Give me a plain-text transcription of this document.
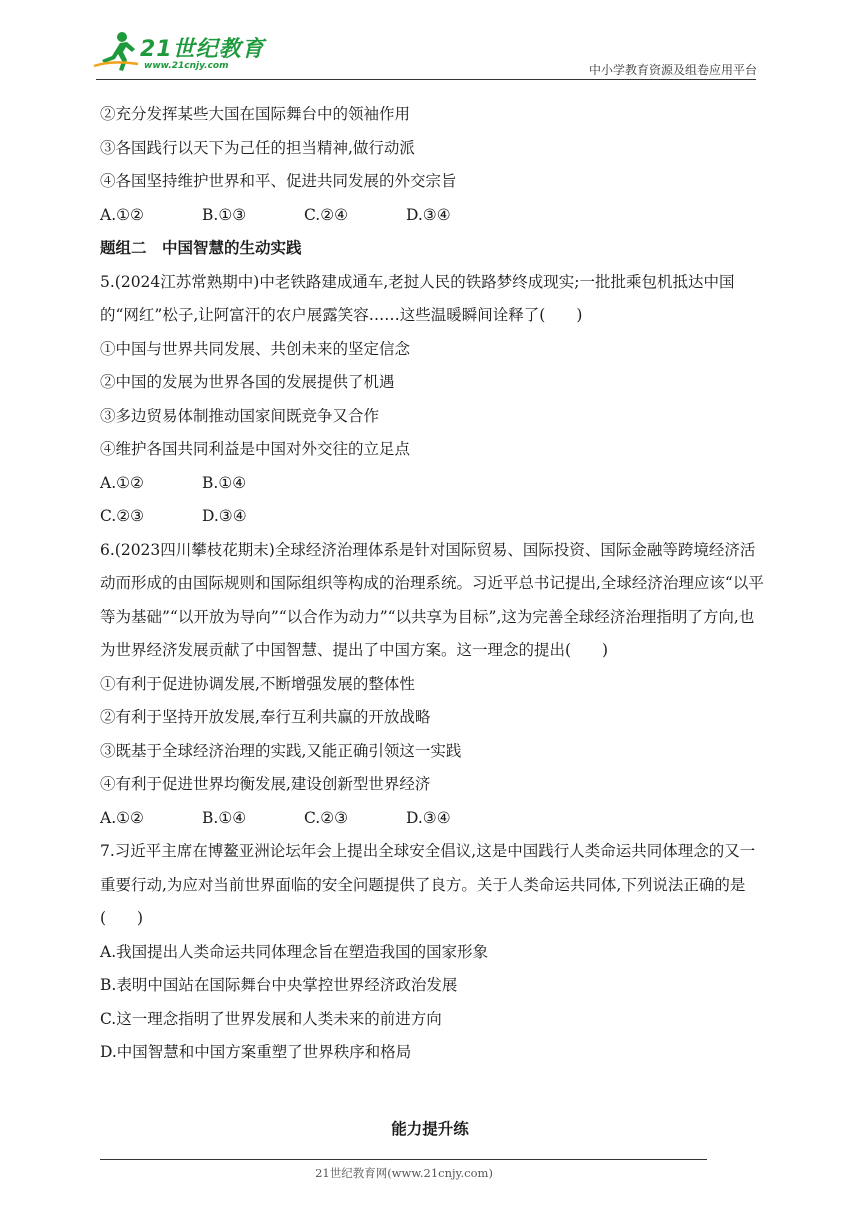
21世纪教育
www.21cnjy.com	中小学教育资源及组卷应用平台
②充分发挥某些大国在国际舞台中的领袖作用
③各国践行以天下为己任的担当精神,做行动派
④各国坚持维护世界和平、促进共同发展的外交宗旨
A.①②	B.①③	C.②④	D.③④
题组二　中国智慧的生动实践
5.(2024江苏常熟期中)中老铁路建成通车,老挝人民的铁路梦终成现实;一批批乘包机抵达中国的“网红”松子,让阿富汗的农户展露笑容……这些温暖瞬间诠释了(　　)
①中国与世界共同发展、共创未来的坚定信念
②中国的发展为世界各国的发展提供了机遇
③多边贸易体制推动国家间既竞争又合作
④维护各国共同利益是中国对外交往的立足点
A.①②	B.①④
C.②③	D.③④
6.(2023四川攀枝花期末)全球经济治理体系是针对国际贸易、国际投资、国际金融等跨境经济活动而形成的由国际规则和国际组织等构成的治理系统。习近平总书记提出,全球经济治理应该“以平等为基础”“以开放为导向”“以合作为动力”“以共享为目标”,这为完善全球经济治理指明了方向,也为世界经济发展贡献了中国智慧、提出了中国方案。这一理念的提出(　　)
①有利于促进协调发展,不断增强发展的整体性
②有利于坚持开放发展,奉行互利共赢的开放战略
③既基于全球经济治理的实践,又能正确引领这一实践
④有利于促进世界均衡发展,建设创新型世界经济
A.①②	B.①④	C.②③	D.③④
7.习近平主席在博鳌亚洲论坛年会上提出全球安全倡议,这是中国践行人类命运共同体理念的又一重要行动,为应对当前世界面临的安全问题提供了良方。关于人类命运共同体,下列说法正确的是(　　)
A.我国提出人类命运共同体理念旨在塑造我国的国家形象
B.表明中国站在国际舞台中央掌控世界经济政治发展
C.这一理念指明了世界发展和人类未来的前进方向
D.中国智慧和中国方案重塑了世界秩序和格局
能力提升练
21世纪教育网(www.21cnjy.com)
